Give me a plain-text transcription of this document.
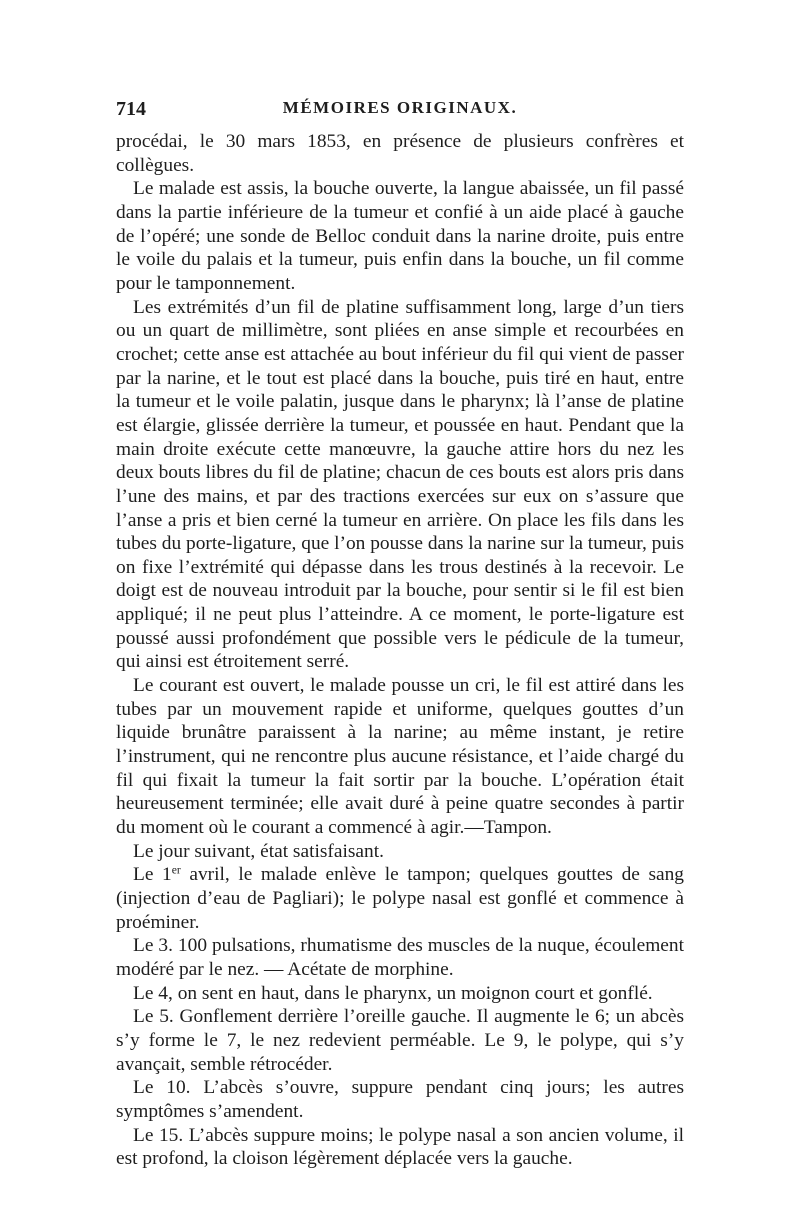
714	MÉMOIRES ORIGINAUX.

procédai, le 30 mars 1853, en présence de plusieurs confrères et collègues.

Le malade est assis, la bouche ouverte, la langue abaissée, un fil passé dans la partie inférieure de la tumeur et confié à un aide placé à gauche de l’opéré; une sonde de Belloc conduit dans la narine droite, puis entre le voile du palais et la tumeur, puis enfin dans la bouche, un fil comme pour le tamponnement.

Les extrémités d’un fil de platine suffisamment long, large d’un tiers ou un quart de millimètre, sont pliées en anse simple et recourbées en crochet; cette anse est attachée au bout inférieur du fil qui vient de passer par la narine, et le tout est placé dans la bouche, puis tiré en haut, entre la tumeur et le voile palatin, jusque dans le pharynx; là l’anse de platine est élargie, glissée derrière la tumeur, et poussée en haut. Pendant que la main droite exécute cette manœuvre, la gauche attire hors du nez les deux bouts libres du fil de platine; chacun de ces bouts est alors pris dans l’une des mains, et par des tractions exercées sur eux on s’assure que l’anse a pris et bien cerné la tumeur en arrière. On place les fils dans les tubes du porte-ligature, que l’on pousse dans la narine sur la tumeur, puis on fixe l’extrémité qui dépasse dans les trous destinés à la recevoir. Le doigt est de nouveau introduit par la bouche, pour sentir si le fil est bien appliqué; il ne peut plus l’atteindre. A ce moment, le porte-ligature est poussé aussi profondément que possible vers le pédicule de la tumeur, qui ainsi est étroitement serré.

Le courant est ouvert, le malade pousse un cri, le fil est attiré dans les tubes par un mouvement rapide et uniforme, quelques gouttes d’un liquide brunâtre paraissent à la narine; au même instant, je retire l’instrument, qui ne rencontre plus aucune résistance, et l’aide chargé du fil qui fixait la tumeur la fait sortir par la bouche. L’opération était heureusement terminée; elle avait duré à peine quatre secondes à partir du moment où le courant a commencé à agir.—Tampon.

Le jour suivant, état satisfaisant.

Le 1er avril, le malade enlève le tampon; quelques gouttes de sang (injection d’eau de Pagliari); le polype nasal est gonflé et commence à proéminer.

Le 3. 100 pulsations, rhumatisme des muscles de la nuque, écoulement modéré par le nez. — Acétate de morphine.

Le 4, on sent en haut, dans le pharynx, un moignon court et gonflé.

Le 5. Gonflement derrière l’oreille gauche. Il augmente le 6; un abcès s’y forme le 7, le nez redevient perméable. Le 9, le polype, qui s’y avançait, semble rétrocéder.

Le 10. L’abcès s’ouvre, suppure pendant cinq jours; les autres symptômes s’amendent.

Le 15. L’abcès suppure moins; le polype nasal a son ancien volume, il est profond, la cloison légèrement déplacée vers la gauche.
